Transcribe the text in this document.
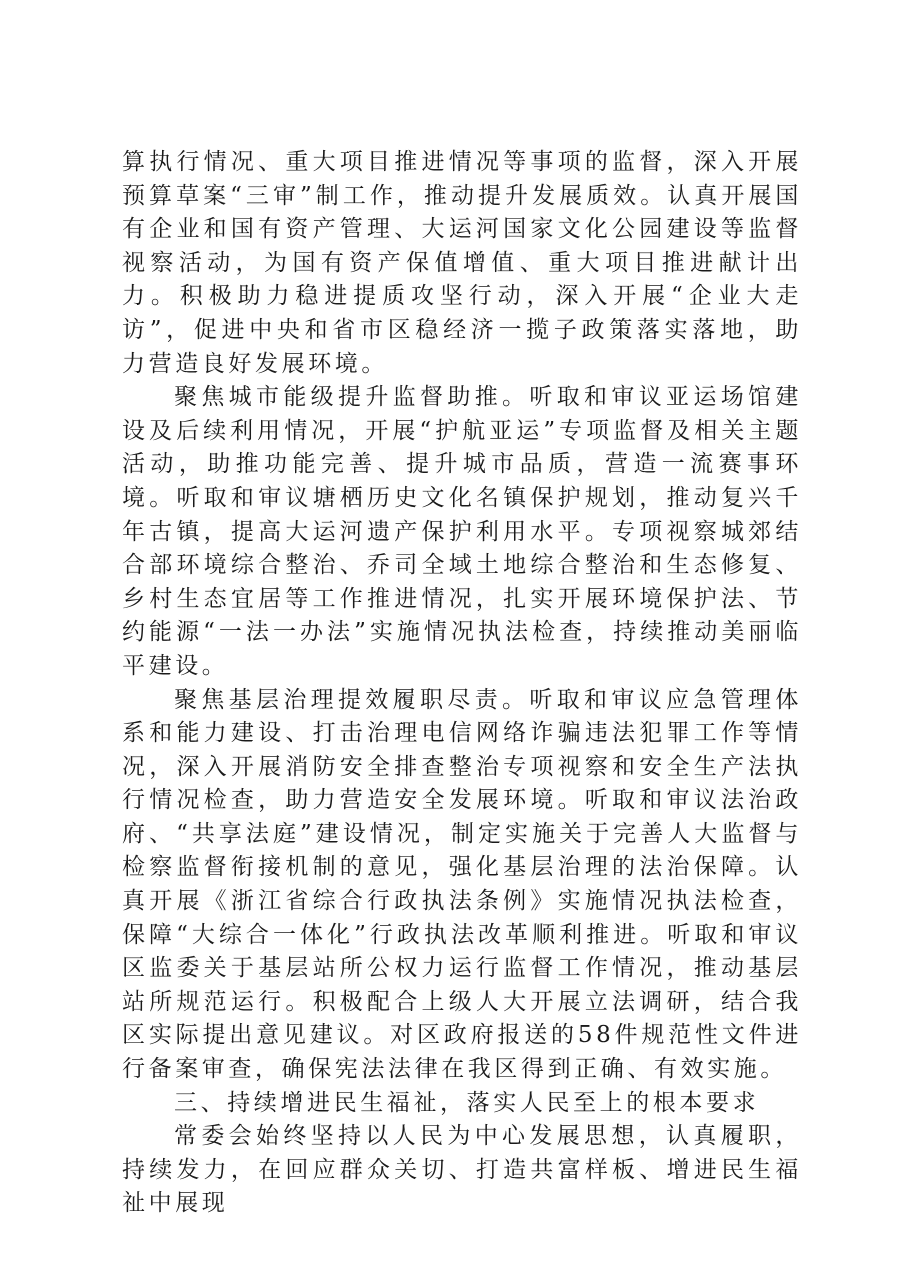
算执行情况、重大项目推进情况等事项的监督，深入开展预算草案“三审”制工作，推动提升发展质效。认真开展国有企业和国有资产管理、大运河国家文化公园建设等监督视察活动，为国有资产保值增值、重大项目推进献计出力。积极助力稳进提质攻坚行动，深入开展“企业大走访”，促进中央和省市区稳经济一揽子政策落实落地，助力营造良好发展环境。

聚焦城市能级提升监督助推。听取和审议亚运场馆建设及后续利用情况，开展“护航亚运”专项监督及相关主题活动，助推功能完善、提升城市品质，营造一流赛事环境。听取和审议塘栖历史文化名镇保护规划，推动复兴千年古镇，提高大运河遗产保护利用水平。专项视察城郊结合部环境综合整治、乔司全域土地综合整治和生态修复、乡村生态宜居等工作推进情况，扎实开展环境保护法、节约能源“一法一办法”实施情况执法检查，持续推动美丽临平建设。

聚焦基层治理提效履职尽责。听取和审议应急管理体系和能力建设、打击治理电信网络诈骗违法犯罪工作等情况，深入开展消防安全排查整治专项视察和安全生产法执行情况检查，助力营造安全发展环境。听取和审议法治政府、“共享法庭”建设情况，制定实施关于完善人大监督与检察监督衔接机制的意见，强化基层治理的法治保障。认真开展《浙江省综合行政执法条例》实施情况执法检查，保障“大综合一体化”行政执法改革顺利推进。听取和审议区监委关于基层站所公权力运行监督工作情况，推动基层站所规范运行。积极配合上级人大开展立法调研，结合我区实际提出意见建议。对区政府报送的58件规范性文件进行备案审查，确保宪法法律在我区得到正确、有效实施。

三、持续增进民生福祉，落实人民至上的根本要求

常委会始终坚持以人民为中心发展思想，认真履职，持续发力，在回应群众关切、打造共富样板、增进民生福祉中展现
